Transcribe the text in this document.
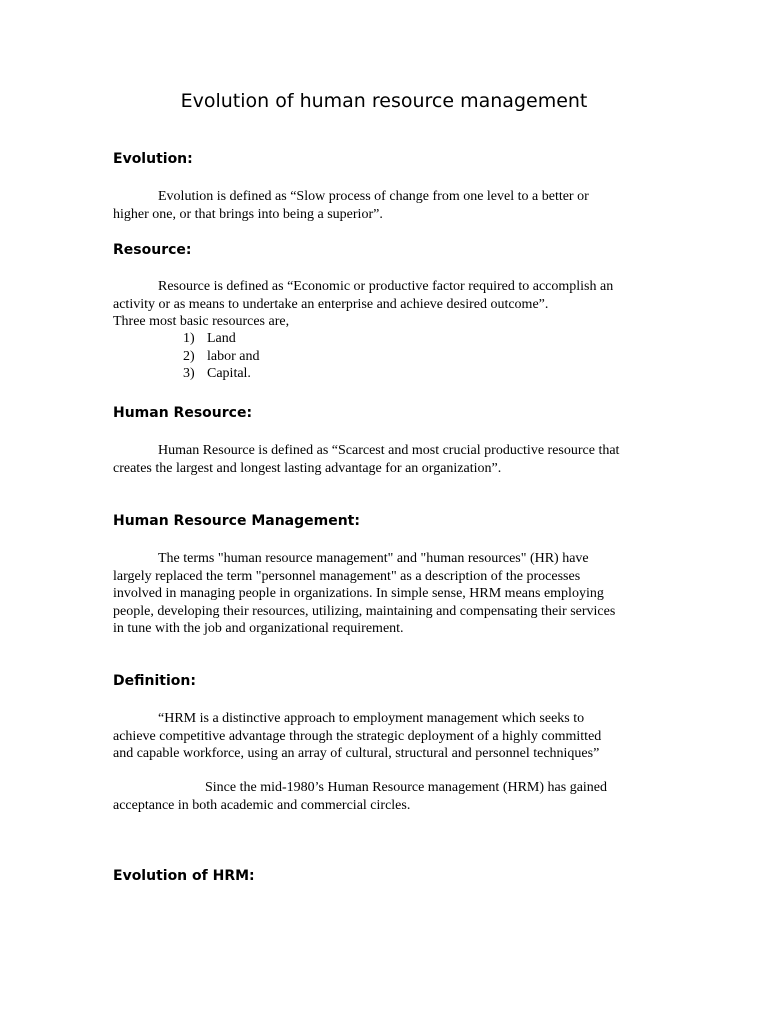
Evolution of human resource management
Evolution:

Evolution is defined as “Slow process of change from one level to a better or
higher one, or that brings into being a superior”.

Resource:

Resource is defined as “Economic or productive factor required to accomplish an
activity or as means to undertake an enterprise and achieve desired outcome”.
Three most basic resources are,

1) Land
2) labor and
3) Capital.
Human Resource:

Human Resource is defined as “Scarcest and most crucial productive resource that
creates the largest and longest lasting advantage for an organization”.

Human Resource Management:

The terms "human resource management" and "human resources" (HR) have
largely replaced the term "personnel management" as a description of the processes
involved in managing people in organizations. In simple sense, HRM means employing
people, developing their resources, utilizing, maintaining and compensating their services
in tune with the job and organizational requirement.

Definition:

“HRM is a distinctive approach to employment management which seeks to
achieve competitive advantage through the strategic deployment of a highly committed
and capable workforce, using an array of cultural, structural and personnel techniques”

Since the mid-1980’s Human Resource management (HRM) has gained
acceptance in both academic and commercial circles.

Evolution of HRM:
